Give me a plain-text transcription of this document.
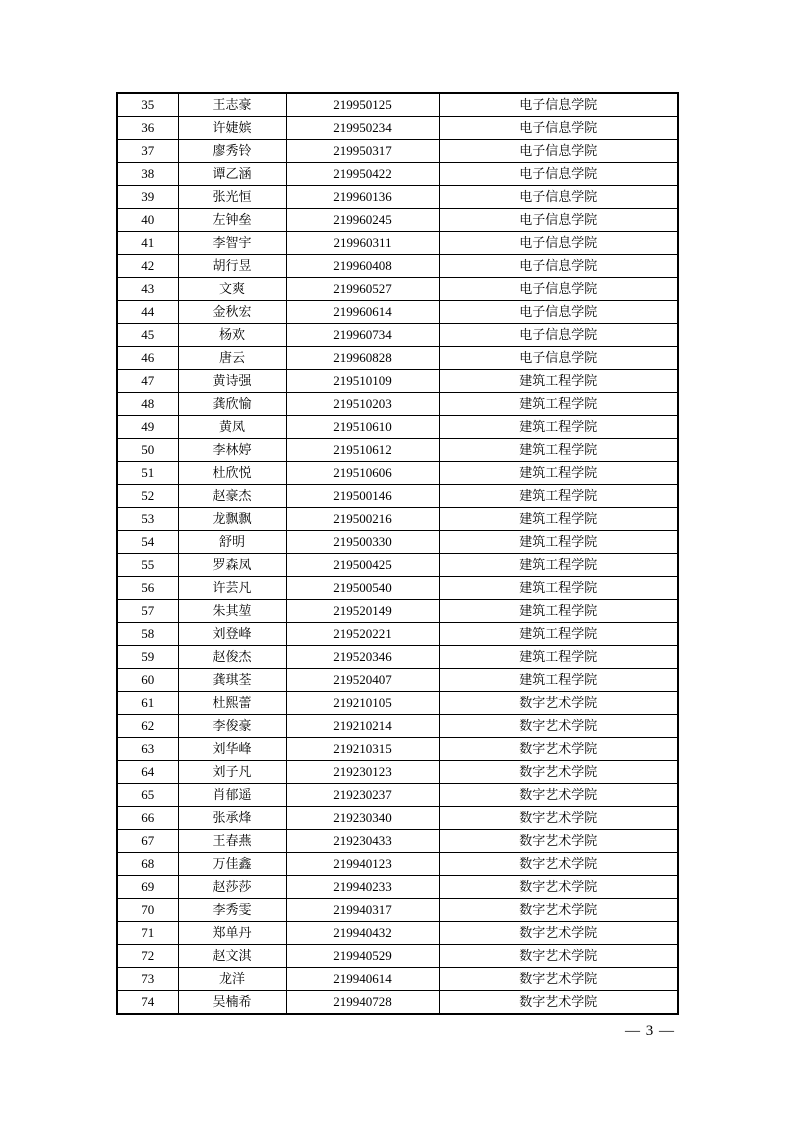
35	王志豪	219950125	电子信息学院
36	许婕嫔	219950234	电子信息学院
37	廖秀铃	219950317	电子信息学院
38	谭乙涵	219950422	电子信息学院
39	张光恒	219960136	电子信息学院
40	左钟垒	219960245	电子信息学院
41	李智宇	219960311	电子信息学院
42	胡行昱	219960408	电子信息学院
43	文爽	219960527	电子信息学院
44	金秋宏	219960614	电子信息学院
45	杨欢	219960734	电子信息学院
46	唐云	219960828	电子信息学院
47	黄诗强	219510109	建筑工程学院
48	龚欣愉	219510203	建筑工程学院
49	黄凤	219510610	建筑工程学院
50	李林婷	219510612	建筑工程学院
51	杜欣悦	219510606	建筑工程学院
52	赵豪杰	219500146	建筑工程学院
53	龙飘飘	219500216	建筑工程学院
54	舒明	219500330	建筑工程学院
55	罗森凤	219500425	建筑工程学院
56	许芸凡	219500540	建筑工程学院
57	朱其堃	219520149	建筑工程学院
58	刘登峰	219520221	建筑工程学院
59	赵俊杰	219520346	建筑工程学院
60	龚琪荃	219520407	建筑工程学院
61	杜熙蕾	219210105	数字艺术学院
62	李俊豪	219210214	数字艺术学院
63	刘华峰	219210315	数字艺术学院
64	刘子凡	219230123	数字艺术学院
65	肖郁遥	219230237	数字艺术学院
66	张承烽	219230340	数字艺术学院
67	王春燕	219230433	数字艺术学院
68	万佳鑫	219940123	数字艺术学院
69	赵莎莎	219940233	数字艺术学院
70	李秀雯	219940317	数字艺术学院
71	郑单丹	219940432	数字艺术学院
72	赵文淇	219940529	数字艺术学院
73	龙洋	219940614	数字艺术学院
74	吴楠希	219940728	数字艺术学院
— 3 —
